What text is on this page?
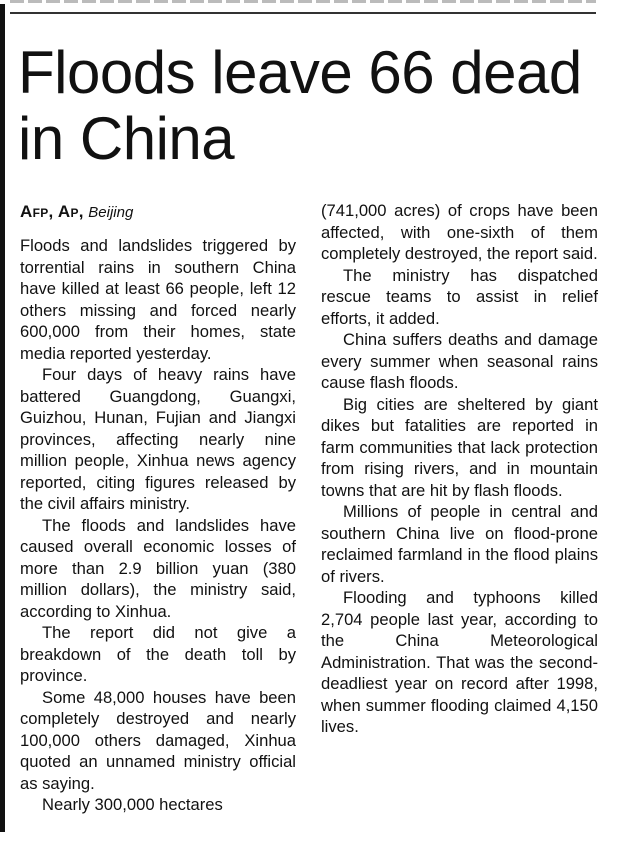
Floods leave 66 dead in China
Afp, Ap, Beijing

Floods and landslides triggered by torrential rains in southern China have killed at least 66 people, left 12 others missing and forced nearly 600,000 from their homes, state media reported yesterday.

Four days of heavy rains have battered Guangdong, Guangxi, Guizhou, Hunan, Fujian and Jiangxi provinces, affecting nearly nine million people, Xinhua news agency reported, citing figures released by the civil affairs ministry.

The floods and landslides have caused overall economic losses of more than 2.9 billion yuan (380 million dollars), the ministry said, according to Xinhua.

The report did not give a breakdown of the death toll by province.

Some 48,000 houses have been completely destroyed and nearly 100,000 others damaged, Xinhua quoted an unnamed ministry official as saying.

Nearly 300,000 hectares

(741,000 acres) of crops have been affected, with one-sixth of them completely destroyed, the report said.

The ministry has dispatched rescue teams to assist in relief efforts, it added.

China suffers deaths and damage every summer when seasonal rains cause flash floods.

Big cities are sheltered by giant dikes but fatalities are reported in farm communities that lack protection from rising rivers, and in mountain towns that are hit by flash floods.

Millions of people in central and southern China live on flood-prone reclaimed farmland in the flood plains of rivers.

Flooding and typhoons killed 2,704 people last year, according to the China Meteorological Administration. That was the second-deadliest year on record after 1998, when summer flooding claimed 4,150 lives.
